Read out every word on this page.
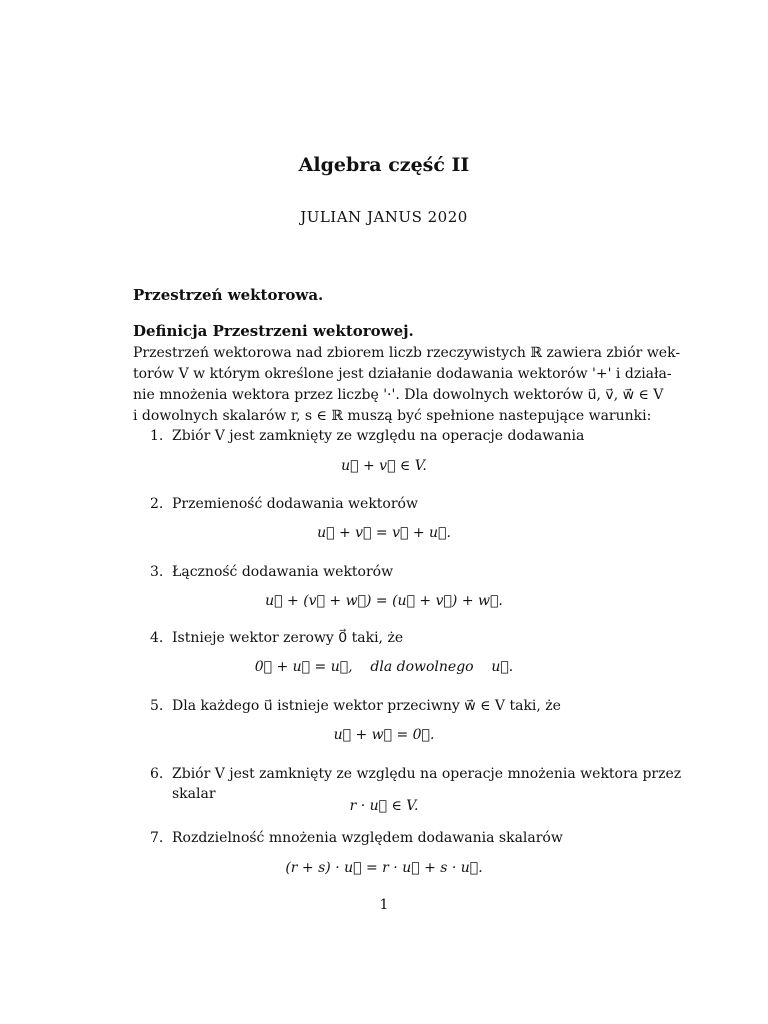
Algebra część II
JULIAN JANUS 2020
Przestrzeń wektorowa.
Definicja Przestrzeni wektorowej.
Przestrzeń wektorowa nad zbiorem liczb rzeczywistych ℝ zawiera zbiór wek-
torów V w którym określone jest działanie dodawania wektorów '+' i działa-
nie mnożenia wektora przez liczbę '·'. Dla dowolnych wektorów u⃗, v⃗, w⃗ ∈ V
i dowolnych skalarów r, s ∈ ℝ muszą być spełnione nastepujące warunki:
1. Zbiór V jest zamknięty ze względu na operacje dodawania
u⃗ + v⃗ ∈ V.
2. Przemieność dodawania wektorów
u⃗ + v⃗ = v⃗ + u⃗.
3. Łączność dodawania wektorów
u⃗ + (v⃗ + w⃗) = (u⃗ + v⃗) + w⃗.
4. Istnieje wektor zerowy 0⃗ taki, że
0⃗ + u⃗ = u⃗,    dla dowolnego    u⃗.
5. Dla każdego u⃗ istnieje wektor przeciwny w⃗ ∈ V taki, że
u⃗ + w⃗ = 0⃗.
6. Zbiór V jest zamknięty ze względu na operacje mnożenia wektora przez
skalar
r · u⃗ ∈ V.
7. Rozdzielność mnożenia względem dodawania skalarów
(r + s) · u⃗ = r · u⃗ + s · u⃗.
1
